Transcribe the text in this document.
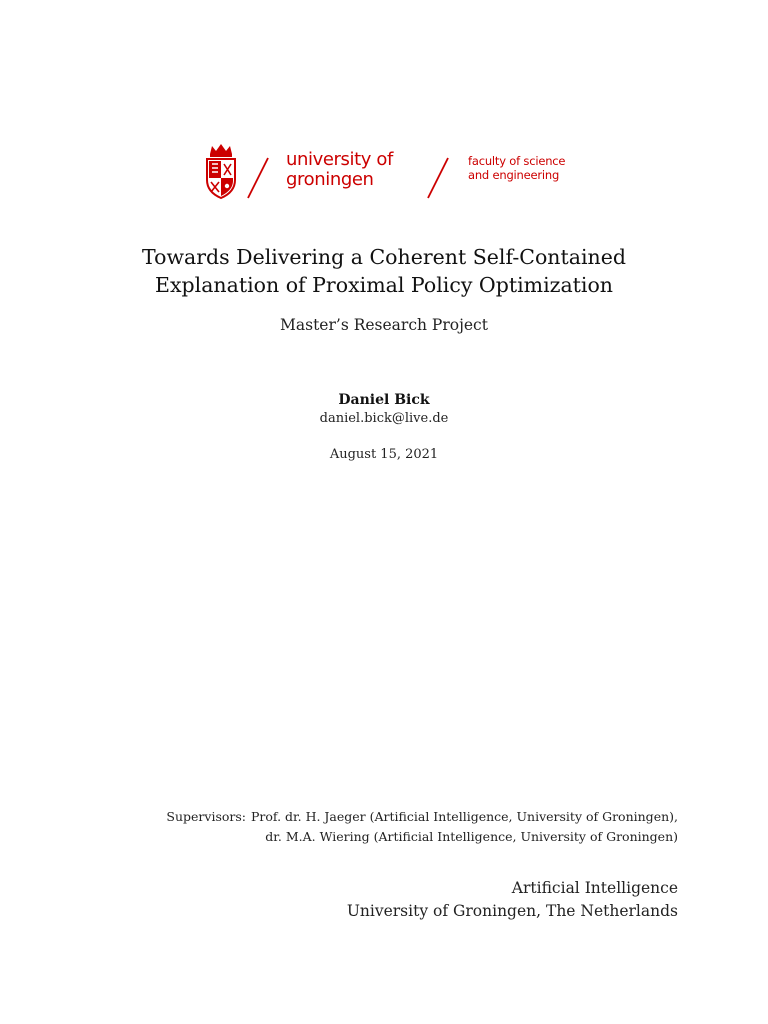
university of
groningen
faculty of science
and engineering
Towards Delivering a Coherent Self-Contained
Explanation of Proximal Policy Optimization
Master’s Research Project
Daniel Bick
daniel.bick@live.de
August 15, 2021
Supervisors: Prof. dr. H. Jaeger (Artificial Intelligence, University of Groningen),
dr. M.A. Wiering (Artificial Intelligence, University of Groningen)
Artificial Intelligence
University of Groningen, The Netherlands
